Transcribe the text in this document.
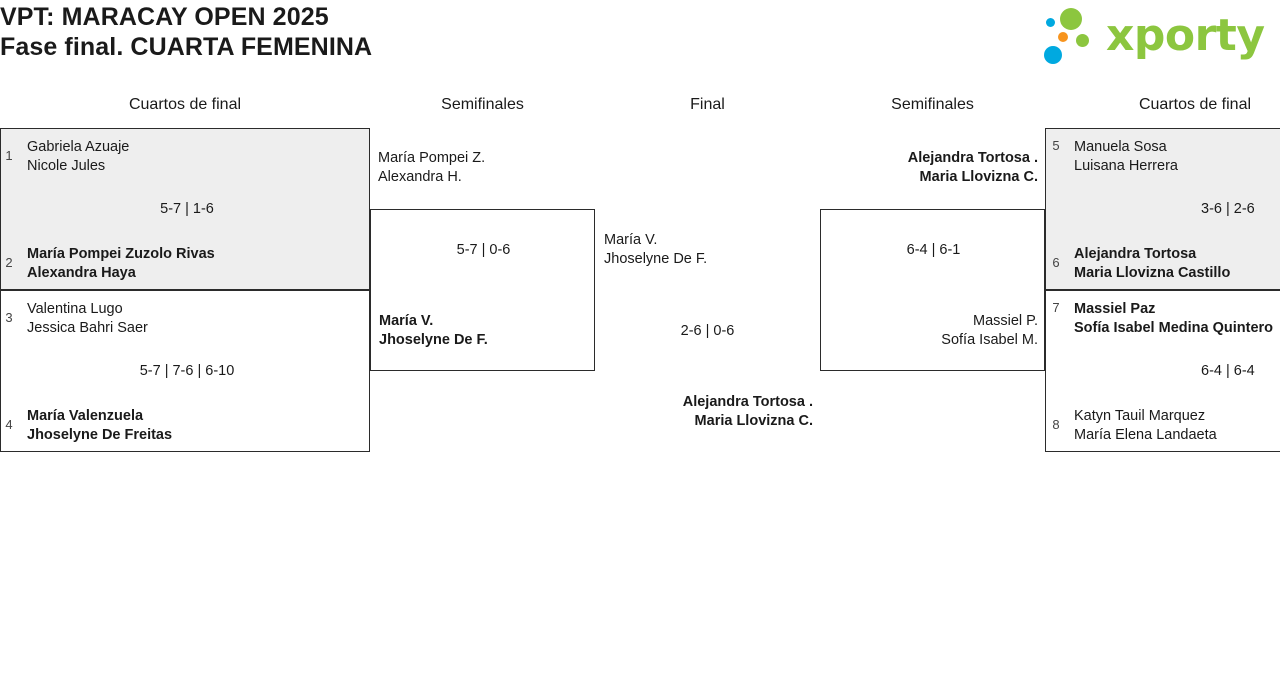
VPT: MARACAY OPEN 2025
Fase final. CUARTA FEMENINA	xporty
Cuartos de final	Semifinales	Final	Semifinales	Cuartos de final
1
Gabriela Azuaje
Nicole Jules
5-7 | 1-6
2
María Pompei Zuzolo Rivas
Alexandra Haya
3
Valentina Lugo
Jessica Bahri Saer
5-7 | 7-6 | 6-10
4
María Valenzuela
Jhoselyne De Freitas
5-7 | 0-6
María V.
Jhoselyne De F.
María Pompei Z.
Alexandra H.
María V.
Jhoselyne De F.
2-6 | 0-6
Alejandra Tortosa .
Maria Llovizna C.
6-4 | 6-1
Massiel P.
Sofía Isabel M.
Alejandra Tortosa .
Maria Llovizna C.
5 Manuela Sosa
Luisana Herrera
3-6 | 2-6
6
Alejandra Tortosa
Maria Llovizna Castillo
7 Massiel Paz
Sofía Isabel Medina Quintero
6-4 | 6-4
8
Katyn Tauil Marquez
María Elena Landaeta
